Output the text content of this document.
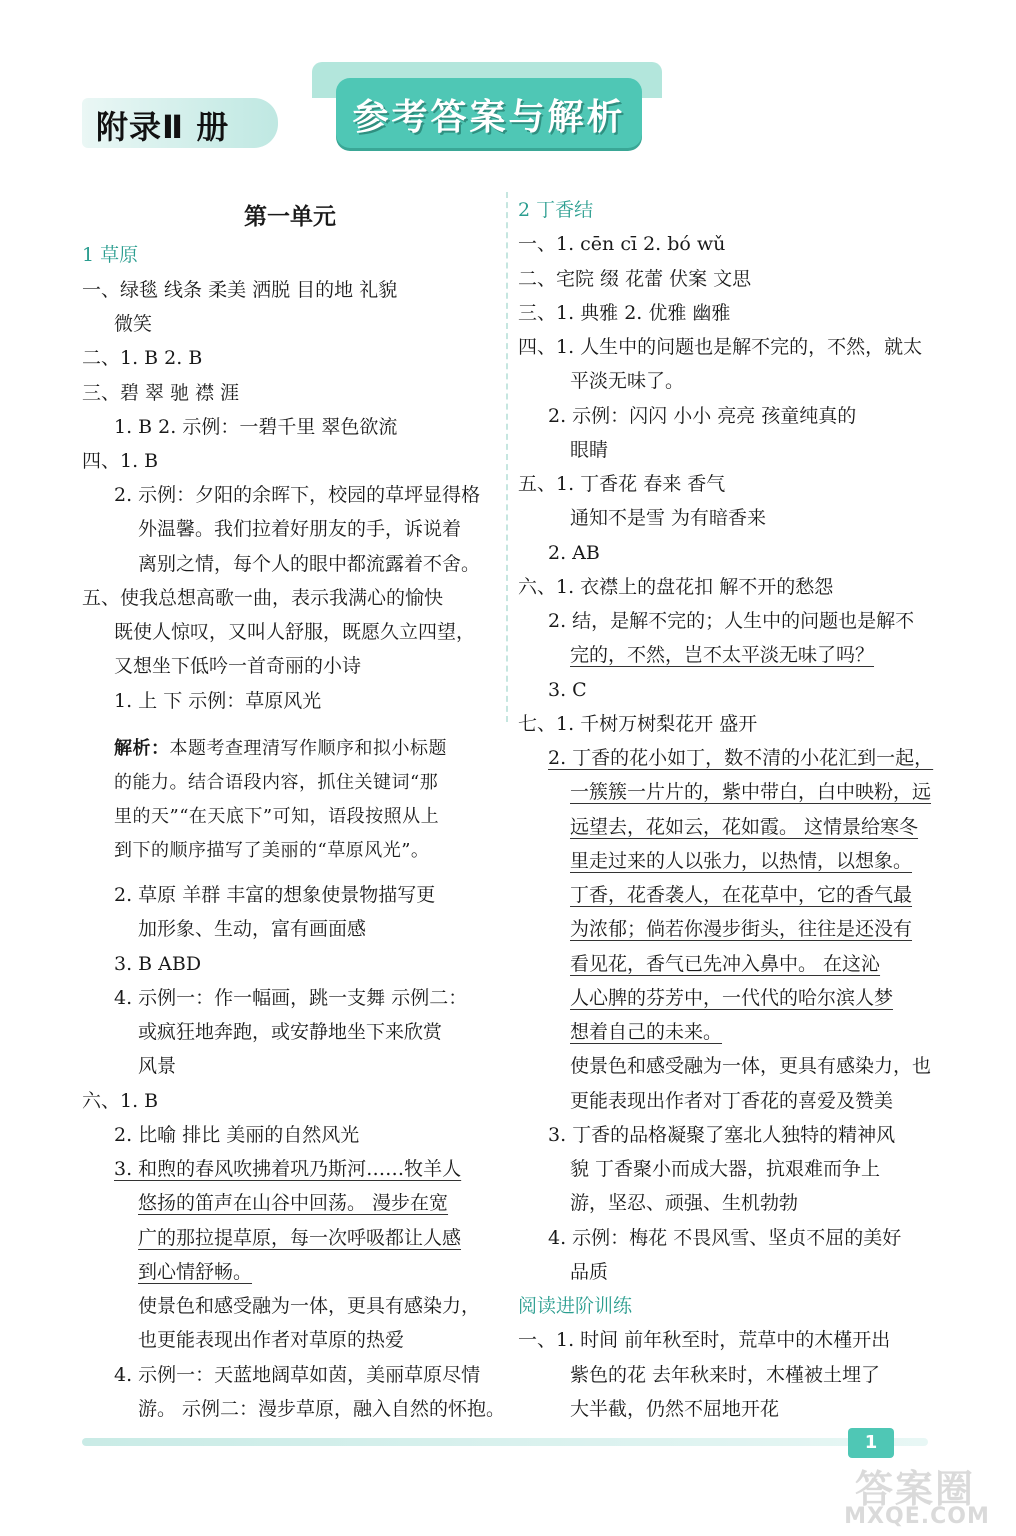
附录Ⅱ 册	参考答案与解析
第一单元
1 草原
一、绿毯 线条 柔美 洒脱 目的地 礼貌
微笑
二、1. B 2. B
三、碧 翠 驰 襟 涯
1. B 2. 示例：一碧千里 翠色欲流
四、1. B
2. 示例：夕阳的余晖下，校园的草坪显得格
外温馨。我们拉着好朋友的手，诉说着
离别之情，每个人的眼中都流露着不舍。
五、使我总想高歌一曲，表示我满心的愉快
既使人惊叹，又叫人舒服，既愿久立四望，
又想坐下低吟一首奇丽的小诗
1. 上 下 示例：草原风光
解析：本题考查理清写作顺序和拟小标题
的能力。结合语段内容，抓住关键词“那
里的天”“在天底下”可知，语段按照从上
到下的顺序描写了美丽的“草原风光”。
2. 草原 羊群 丰富的想象使景物描写更
加形象、生动，富有画面感
3. B ABD
4. 示例一：作一幅画，跳一支舞 示例二：
或疯狂地奔跑，或安静地坐下来欣赏
风景
六、1. B
2. 比喻 排比 美丽的自然风光
3. 和煦的春风吹拂着巩乃斯河……牧羊人
悠扬的笛声在山谷中回荡。 漫步在宽
广的那拉提草原，每一次呼吸都让人感
到心情舒畅。
使景色和感受融为一体，更具有感染力，
也更能表现出作者对草原的热爱
4. 示例一：天蓝地阔草如茵，美丽草原尽情
游。 示例二：漫步草原，融入自然的怀抱。
2 丁香结
一、1. cēn cī 2. bó wǔ
二、宅院 缀 花蕾 伏案 文思
三、1. 典雅 2. 优雅 幽雅
四、1. 人生中的问题也是解不完的，不然，就太
平淡无味了。
2. 示例：闪闪 小小 亮亮 孩童纯真的
眼睛
五、1. 丁香花 春来 香气
通知不是雪 为有暗香来
2. AB
六、1. 衣襟上的盘花扣 解不开的愁怨
2. 结，是解不完的；人生中的问题也是解不
完的，不然，岂不太平淡无味了吗？
3. C
七、1. 千树万树梨花开 盛开
2. 丁香的花小如丁，数不清的小花汇到一起，
一簇簇一片片的，紫中带白，白中映粉，远
远望去，花如云，花如霞。 这情景给寒冬
里走过来的人以张力，以热情，以想象。
丁香，花香袭人，在花草中，它的香气最
为浓郁；倘若你漫步街头，往往是还没有
看见花，香气已先冲入鼻中。 在这沁
人心脾的芬芳中，一代代的哈尔滨人梦
想着自己的未来。
使景色和感受融为一体，更具有感染力，也
更能表现出作者对丁香花的喜爱及赞美
3. 丁香的品格凝聚了塞北人独特的精神风
貌 丁香聚小而成大器，抗艰难而争上
游，坚忍、顽强、生机勃勃
4. 示例：梅花 不畏风雪、坚贞不屈的美好
品质
阅读进阶训练
一、1. 时间 前年秋至时，荒草中的木槿开出
紫色的花 去年秋来时，木槿被土埋了
大半截，仍然不屈地开花
1
答案圈
MXQE.COM
